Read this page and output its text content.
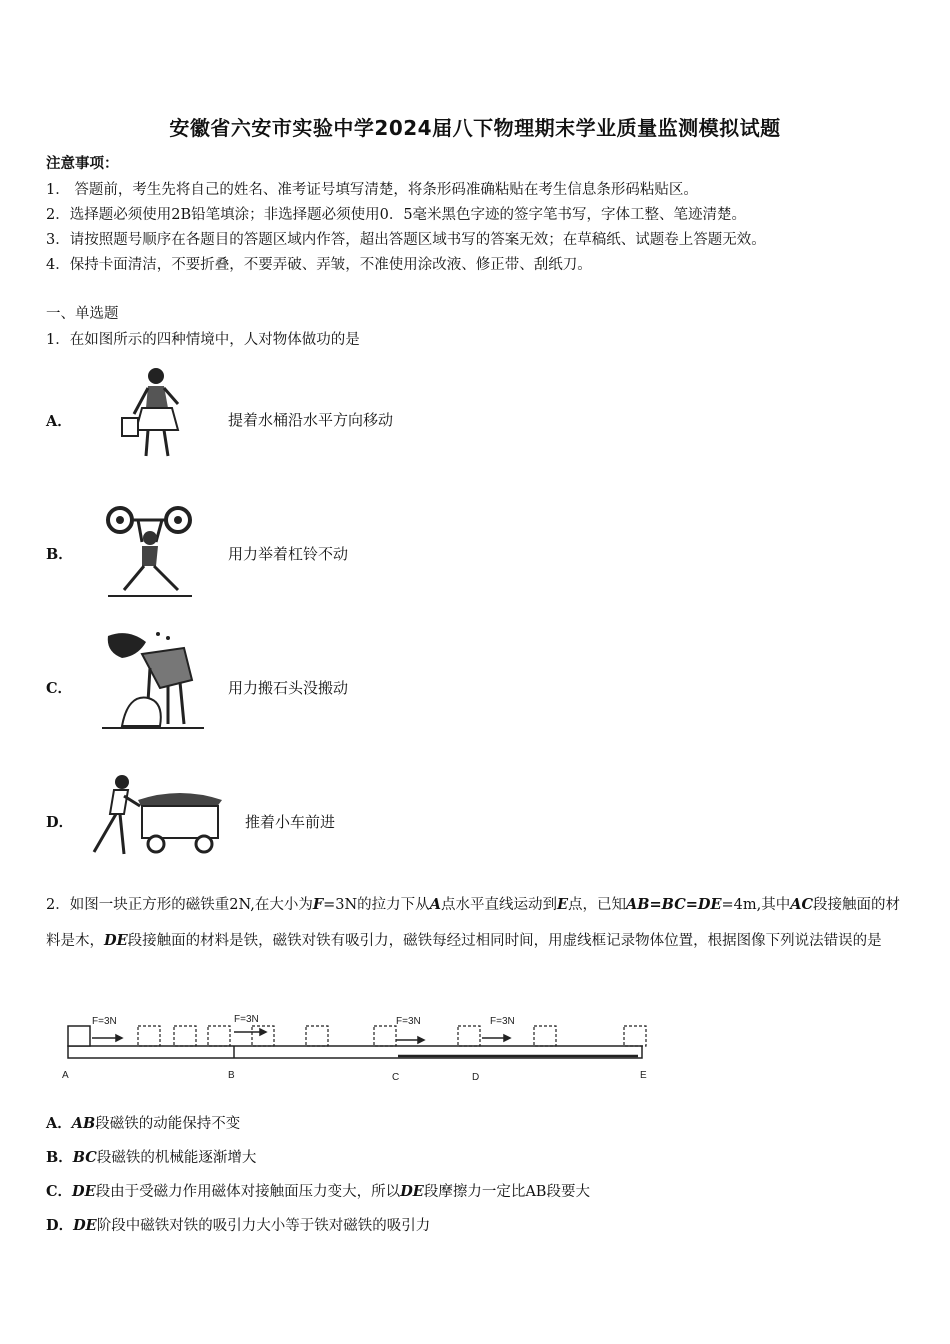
安徽省六安市实验中学2024届八下物理期末学业质量监测模拟试题
注意事项：
1． 答题前，考生先将自己的姓名、准考证号填写清楚，将条形码准确粘贴在考生信息条形码粘贴区。
2．选择题必须使用2B铅笔填涂；非选择题必须使用0．5毫米黑色字迹的签字笔书写，字体工整、笔迹清楚。
3．请按照题号顺序在各题目的答题区域内作答，超出答题区域书写的答案无效；在草稿纸、试题卷上答题无效。
4．保持卡面清洁，不要折叠，不要弄破、弄皱，不准使用涂改液、修正带、刮纸刀。
一、单选题
1．在如图所示的四种情境中，人对物体做功的是
A．	提着水桶沿水平方向移动
B．	用力举着杠铃不动
C．	用力搬石头没搬动
D．	推着小车前进
2．如图一块正方形的磁铁重2N,在大小为F=3N的拉力下从A点水平直线运动到E点，已知AB=BC=DE=4m,其中AC段接触面的材料是木，DE段接触面的材料是铁，磁铁对铁有吸引力，磁铁每经过相同时间，用虚线框记录物体位置，根据图像下列说法错误的是
F=3N	F=3N	F=3N	F=3N
A	B	C	D	E
A．AB段磁铁的动能保持不变
B．BC段磁铁的机械能逐渐增大
C．DE段由于受磁力作用磁体对接触面压力变大，所以DE段摩擦力一定比AB段要大
D．DE阶段中磁铁对铁的吸引力大小等于铁对磁铁的吸引力
